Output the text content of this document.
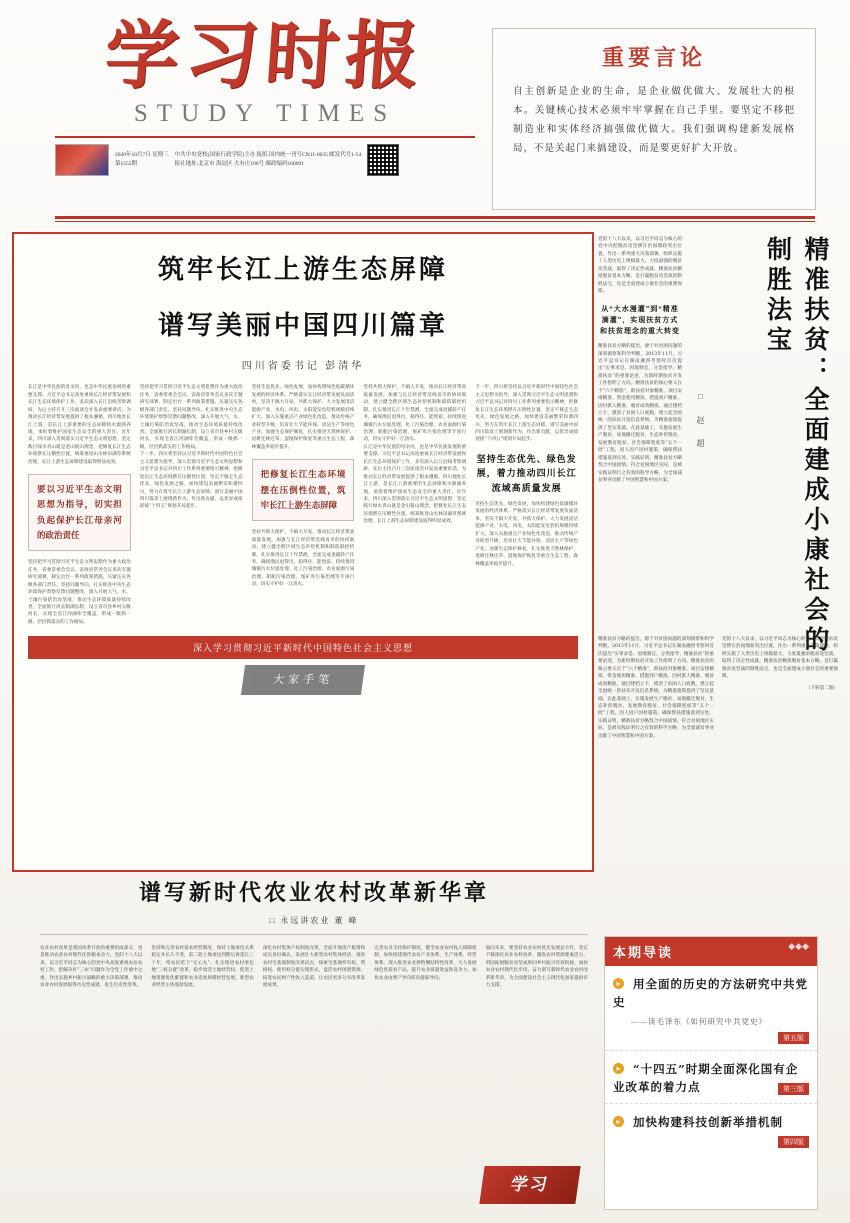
学习时报
STUDY TIMES
2020年10月7日 星期三
第1555期
中共中央党校(国家行政学院)主办 报纸 国内统一刊号CN11-0035 邮发代号1-54
报社地址:北京市 海淀区 大有庄100号 邮政编码100091
重要言论
自主创新是企业的生命，是企业做优做大、发展壮大的根本。关键核心技术必须牢牢掌握在自己手里。要坚定不移把制造业和实体经济搞强做优做大。我们强调构建新发展格局，不是关起门来搞建设，而是要更好扩大开放。
筑牢长江上游生态屏障
谱写美丽中国四川篇章
四川省委书记 彭清华
长江是中华民族的母亲河，也是中华民族发展的重要支撑。习近平总书记高度重视长江经济带发展和长江生态环境保护工作，多次深入长江沿线考察调研，先后主持召开三次座谈会并发表重要讲话，为推动长江经济带发展提供了根本遵循。四川地处长江上游，是长江上游重要的生态屏障和水源涵养地，承担着维护国家生态安全的重大责任。近年来，四川深入贯彻落实习近平生态文明思想，坚定践行绿水青山就是金山银山理念，把修复长江生态环境摆在压倒性位置，统筹推进山水林田湖草系统治理，长江上游生态屏障建设取得明显成效。
要以习近平生态文明思想为指导，切实担负起保护长江母亲河的政治责任
坚持把学习贯彻习近平生态文明思想作为重大政治任务，省委常委会会议、省政府常务会议多次专题研究部署，制定出台一系列政策措施，压紧压实各级各部门责任。坚持问题导向，扎实推进中央生态环境保护督察反馈问题整改，深入开展大气、水、土壤污染防治攻坚战，推动生态环境质量持续改善。全面推行河长制湖长制，设立省市县乡村五级河长，实现全省江河湖库全覆盖，形成一级抓一级、层层抓落实的工作格局。
坚持把学习贯彻习近平生态文明思想作为重大政治任务，省委常委会会议、省政府常务会议多次专题研究部署，制定出台一系列政策措施，压紧压实各级各部门责任。坚持问题导向，扎实推进中央生态环境保护督察反馈问题整改，深入开展大气、水、土壤污染防治攻坚战，推动生态环境质量持续改善。全面推行河长制湖长制，设立省市县乡村五级河长，实现全省江河湖库全覆盖，形成一级抓一级、层层抓落实的工作格局。
下一步，四川将坚持以习近平新时代中国特色社会主义思想为指导，深入贯彻习近平生态文明思想和习近平总书记对四川工作系列重要指示精神，把修复长江生态环境摆在压倒性位置，坚定不移走生态优先、绿色发展之路，加快建设美丽繁荣和谐四川，努力在筑牢长江上游生态屏障、谱写美丽中国四川篇章上展现新作为、作出新贡献，以优异成绩迎接“十四五”规划开局起步。
坚持生态优先、绿色发展，加快构建绿色低碳循环发展的经济体系。严格落实长江经济带发展负面清单，坚决不搞大开发、共抓大保护。大力发展清洁能源产业，水电、风电、太阳能发电装机规模持续扩大。深入实施重点产业绿色化改造，推动传统产业转型升级，培育壮大节能环保、清洁生产等绿色产业。加强生态保护修复，扎实推进天然林保护、退耕还林还草、湿地保护恢复等重点生态工程，森林覆盖率稳步提升。
把修复长江生态环境摆在压倒性位置，筑牢长江上游生态屏障
坚持共抓大保护、不搞大开发，推动长江经济带高质量发展。加强与长江经济带沿线省市的协同联动，建立健全跨区域生态补偿机制和联防联控机制。扎实推进长江十年禁渔，全面完成退捕转产任务，确保渔民退得出、稳得住、能致富。持续推进城镇污水垃圾处理、化工污染治理、农业面源污染治理、船舶污染治理、尾矿库污染治理等专项行动，切实守护好一江清水。
坚持共抓大保护、不搞大开发，推动长江经济带高质量发展。加强与长江经济带沿线省市的协同联动，建立健全跨区域生态补偿机制和联防联控机制。扎实推进长江十年禁渔，全面完成退捕转产任务，确保渔民退得出、稳得住、能致富。持续推进城镇污水垃圾处理、化工污染治理、农业面源污染治理、船舶污染治理、尾矿库污染治理等专项行动，切实守护好一江清水。
长江是中华民族的母亲河，也是中华民族发展的重要支撑。习近平总书记高度重视长江经济带发展和长江生态环境保护工作，多次深入长江沿线考察调研，先后主持召开三次座谈会并发表重要讲话，为推动长江经济带发展提供了根本遵循。四川地处长江上游，是长江上游重要的生态屏障和水源涵养地，承担着维护国家生态安全的重大责任。近年来，四川深入贯彻落实习近平生态文明思想，坚定践行绿水青山就是金山银山理念，把修复长江生态环境摆在压倒性位置，统筹推进山水林田湖草系统治理，长江上游生态屏障建设取得明显成效。
下一步，四川将坚持以习近平新时代中国特色社会主义思想为指导，深入贯彻习近平生态文明思想和习近平总书记对四川工作系列重要指示精神，把修复长江生态环境摆在压倒性位置，坚定不移走生态优先、绿色发展之路，加快建设美丽繁荣和谐四川，努力在筑牢长江上游生态屏障、谱写美丽中国四川篇章上展现新作为、作出新贡献，以优异成绩迎接“十四五”规划开局起步。
坚持生态优先、绿色发展，着力推动四川长江流域高质量发展
坚持生态优先、绿色发展，加快构建绿色低碳循环发展的经济体系。严格落实长江经济带发展负面清单，坚决不搞大开发、共抓大保护。大力发展清洁能源产业，水电、风电、太阳能发电装机规模持续扩大。深入实施重点产业绿色化改造，推动传统产业转型升级，培育壮大节能环保、清洁生产等绿色产业。加强生态保护修复，扎实推进天然林保护、退耕还林还草、湿地保护恢复等重点生态工程，森林覆盖率稳步提升。
深入学习贯彻习近平新时代中国特色社会主义思想
大家手笔
精准扶贫：全面建成小康社会的制胜法宝
□ 赵 超
党的十八大以来，以习近平同志为核心的党中央把脱贫攻坚摆在治国理政突出位置，作出一系列重大决策部署，组织实施了人类历史上规模最大、力度最强的脱贫攻坚战，取得了决定性成就。精准扶贫精准脱贫基本方略，是打赢脱贫攻坚战的制胜法宝，也是全面建成小康社会的重要保障。
从“大水漫灌”到“精准滴灌”，实现扶贫方式和扶贫理念的重大转变
精准扶贫方略的提出，源于对贫困问题的深刻洞察和科学判断。2013年11月，习近平总书记在湖南湘西考察时首次提出“实事求是、因地制宜、分类指导、精准扶贫”的重要论述，为新时期扶贫开发工作指明了方向。精准扶贫的核心要义在于“六个精准”，即扶持对象精准、项目安排精准、资金使用精准、措施到户精准、因村派人精准、脱贫成效精准。通过建档立卡，摸清了贫困人口底数，建立起全国统一的扶贫开发信息系统，为精准施策提供了坚实基础。在此基础上，实施发展生产脱贫、易地搬迁脱贫、生态补偿脱贫、发展教育脱贫、社会保障兜底等“五个一批”工程，因人因户因村施策，确保帮扶措施落到实处。实践证明，精准扶贫方略契合中国国情、符合贫困地区实际，是被实践证明行之有效的科学方略，为全球减贫事业贡献了中国智慧和中国方案。
精准扶贫方略的提出，源于对贫困问题的深刻洞察和科学判断。2013年11月，习近平总书记在湖南湘西考察时首次提出“实事求是、因地制宜、分类指导、精准扶贫”的重要论述，为新时期扶贫开发工作指明了方向。精准扶贫的核心要义在于“六个精准”，即扶持对象精准、项目安排精准、资金使用精准、措施到户精准、因村派人精准、脱贫成效精准。通过建档立卡，摸清了贫困人口底数，建立起全国统一的扶贫开发信息系统，为精准施策提供了坚实基础。在此基础上，实施发展生产脱贫、易地搬迁脱贫、生态补偿脱贫、发展教育脱贫、社会保障兜底等“五个一批”工程，因人因户因村施策，确保帮扶措施落到实处。实践证明，精准扶贫方略契合中国国情、符合贫困地区实际，是被实践证明行之有效的科学方略，为全球减贫事业贡献了中国智慧和中国方案。
党的十八大以来，以习近平同志为核心的党中央把脱贫攻坚摆在治国理政突出位置，作出一系列重大决策部署，组织实施了人类历史上规模最大、力度最强的脱贫攻坚战，取得了决定性成就。精准扶贫精准脱贫基本方略，是打赢脱贫攻坚战的制胜法宝，也是全面建成小康社会的重要保障。
（下转第二版）
谱写新时代农业农村改革新华章
□ 永远讲农业 董 峰
农业农村改革是我国改革开放的重要组成部分，也是推动农业农村现代化的根本动力。党的十八大以来，以习近平同志为核心的党中央高度重视农业农村工作，把解决好“三农”问题作为全党工作重中之重，作出实施乡村振兴战略的重大决策部署，推动农业农村发展取得历史性成就、发生历史性变革。
坚持和完善农村基本经营制度，保持土地承包关系稳定并长久不变，第二轮土地承包到期后再延长三十年，给农民吃下“定心丸”。扎实推进农村承包地“三权分置”改革，稳步放活土地经营权，促进土地资源优化配置和农业适度规模经营发展，新型农业经营主体蓬勃发展。
深化农村集体产权制度改革，全面开展清产核资和成员身份确认，发展壮大新型农村集体经济。推进农村宅基地制度改革试点，探索宅基地所有权、资格权、使用权分置实现形式，盘活农村闲置资源，拓宽农民财产性收入渠道，让农民更多分享改革发展成果。
完善农业支持保护制度，健全农业农村投入保障机制，加快构建现代农业产业体系、生产体系、经营体系。深入推进农业供给侧结构性改革，大力发展绿色优质农产品，提升农业质量效益和竞争力，加快农业由增产导向转向提质导向。
面向未来，要坚持农业农村优先发展总方针，坚定不移深化农业农村改革，激发农村资源要素活力，巩固拓展脱贫攻坚成果同乡村振兴有效衔接，加快农业农村现代化步伐，奋力谱写新时代农业农村改革新华章，为全面建设社会主义现代化国家提供有力支撑。
学习
本期导读	◆◆◆
▸ 用全面的历史的方法研究中共党史
——读毛泽东《如何研究中共党史》
第五版
▸ “十四五”时期全面深化国有企业改革的着力点	第三版
▸ 加快构建科技创新举措机制
第四版
